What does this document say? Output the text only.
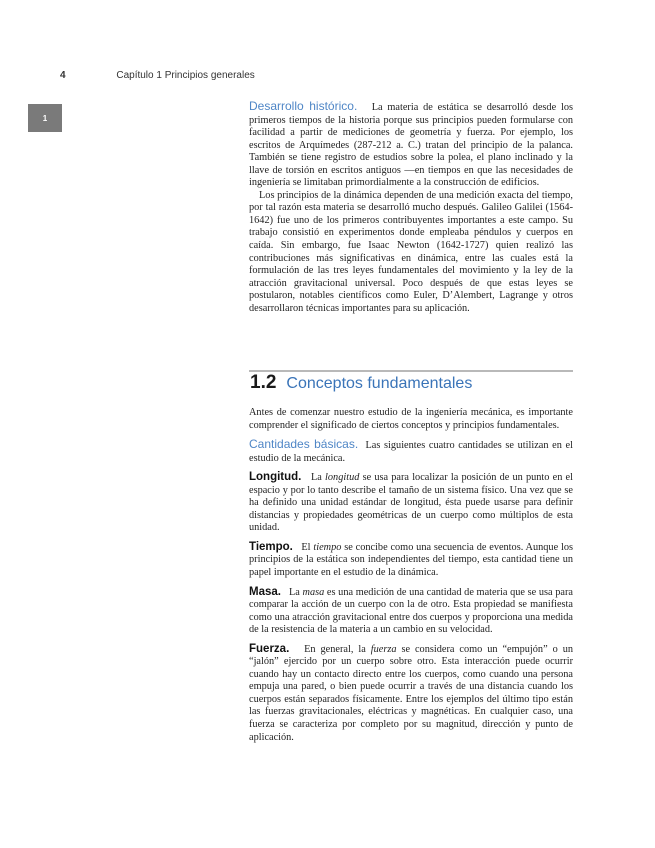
4	Capítulo 1 Principios generales
1

Desarrollo histórico. La materia de estática se desarrolló desde los primeros tiempos de la historia porque sus principios pueden formularse con facilidad a partir de mediciones de geometría y fuerza. Por ejemplo, los escritos de Arquímedes (287-212 a. C.) tratan del principio de la palanca. También se tiene registro de estudios sobre la polea, el plano inclinado y la llave de torsión en escritos antiguos —en tiempos en que las necesidades de ingeniería se limitaban primordialmente a la construcción de edificios.

Los principios de la dinámica dependen de una medición exacta del tiempo, por tal razón esta materia se desarrolló mucho después. Galileo Galilei (1564-1642) fue uno de los primeros contribuyentes importantes a este campo. Su trabajo consistió en experimentos donde empleaba péndulos y cuerpos en caída. Sin embargo, fue Isaac Newton (1642-1727) quien realizó las contribuciones más significativas en dinámica, entre las cuales está la formulación de las tres leyes fundamentales del movimiento y la ley de la atracción gravitacional universal. Poco después de que estas leyes se postularon, notables científicos como Euler, D’Alembert, Lagrange y otros desarrollaron técnicas importantes para su aplicación.

1.2 Conceptos fundamentales

Antes de comenzar nuestro estudio de la ingeniería mecánica, es importante comprender el significado de ciertos conceptos y principios fundamentales.

Cantidades básicas. Las siguientes cuatro cantidades se utilizan en el estudio de la mecánica.

Longitud. La longitud se usa para localizar la posición de un punto en el espacio y por lo tanto describe el tamaño de un sistema físico. Una vez que se ha definido una unidad estándar de longitud, ésta puede usarse para definir distancias y propiedades geométricas de un cuerpo como múltiplos de esta unidad.

Tiempo. El tiempo se concibe como una secuencia de eventos. Aunque los principios de la estática son independientes del tiempo, esta cantidad tiene un papel importante en el estudio de la dinámica.

Masa. La masa es una medición de una cantidad de materia que se usa para comparar la acción de un cuerpo con la de otro. Esta propiedad se manifiesta como una atracción gravitacional entre dos cuerpos y proporciona una medida de la resistencia de la materia a un cambio en su velocidad.

Fuerza. En general, la fuerza se considera como un “empujón” o un “jalón” ejercido por un cuerpo sobre otro. Esta interacción puede ocurrir cuando hay un contacto directo entre los cuerpos, como cuando una persona empuja una pared, o bien puede ocurrir a través de una distancia cuando los cuerpos están separados físicamente. Entre los ejemplos del último tipo están las fuerzas gravitacionales, eléctricas y magnéticas. En cualquier caso, una fuerza se caracteriza por completo por su magnitud, dirección y punto de aplicación.
